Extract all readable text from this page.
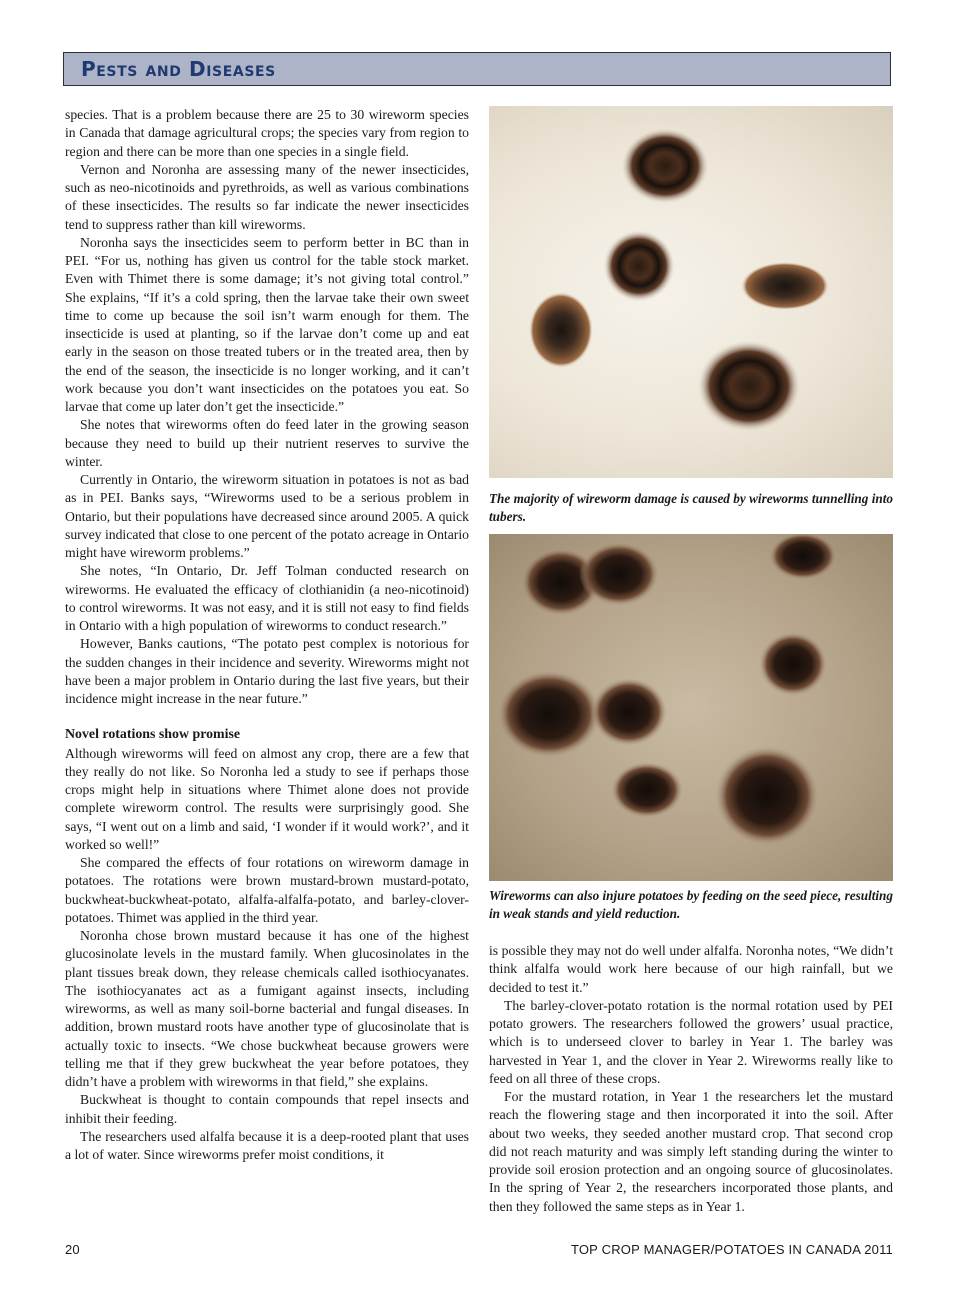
Pests and Diseases

species. That is a problem because there are 25 to 30 wireworm species in Canada that damage agricultural crops; the species vary from region to region and there can be more than one species in a single field.

Vernon and Noronha are assessing many of the newer insecticides, such as neo-nicotinoids and pyrethroids, as well as various combinations of these insecticides. The results so far indicate the newer insecticides tend to suppress rather than kill wireworms.

Noronha says the insecticides seem to perform better in BC than in PEI. “For us, nothing has given us control for the table stock market. Even with Thimet there is some damage; it’s not giving total control.” She explains, “If it’s a cold spring, then the larvae take their own sweet time to come up because the soil isn’t warm enough for them. The insecticide is used at planting, so if the larvae don’t come up and eat early in the season on those treated tubers or in the treated area, then by the end of the season, the insecticide is no longer working, and it can’t work because you don’t want insecticides on the potatoes you eat. So larvae that come up later don’t get the insecticide.”

She notes that wireworms often do feed later in the growing season because they need to build up their nutrient reserves to survive the winter.

Currently in Ontario, the wireworm situation in potatoes is not as bad as in PEI. Banks says, “Wireworms used to be a serious problem in Ontario, but their populations have decreased since around 2005. A quick survey indicated that close to one percent of the potato acreage in Ontario might have wireworm problems.”

She notes, “In Ontario, Dr. Jeff Tolman conducted research on wireworms. He evaluated the efficacy of clothianidin (a neo-nicotinoid) to control wireworms. It was not easy, and it is still not easy to find fields in Ontario with a high population of wireworms to conduct research.”

However, Banks cautions, “The potato pest complex is notorious for the sudden changes in their incidence and severity. Wireworms might not have been a major problem in Ontario during the last five years, but their incidence might increase in the near future.”

Novel rotations show promise

Although wireworms will feed on almost any crop, there are a few that they really do not like. So Noronha led a study to see if perhaps those crops might help in situations where Thimet alone does not provide complete wireworm control. The results were surprisingly good. She says, “I went out on a limb and said, ‘I wonder if it would work?’, and it worked so well!”

She compared the effects of four rotations on wireworm damage in potatoes. The rotations were brown mustard-brown mustard-potato, buckwheat-buckwheat-potato, alfalfa-alfalfa-potato, and barley-clover-potatoes. Thimet was applied in the third year.

Noronha chose brown mustard because it has one of the highest glucosinolate levels in the mustard family. When glucosinolates in the plant tissues break down, they release chemicals called isothiocyanates. The isothiocyanates act as a fumigant against insects, including wireworms, as well as many soil-borne bacterial and fungal diseases. In addition, brown mustard roots have another type of glucosinolate that is actually toxic to insects. “We chose buckwheat because growers were telling me that if they grew buckwheat the year before potatoes, they didn’t have a problem with wireworms in that field,” she explains.

Buckwheat is thought to contain compounds that repel insects and inhibit their feeding.

The researchers used alfalfa because it is a deep-rooted plant that uses a lot of water. Since wireworms prefer moist conditions, it

The majority of wireworm damage is caused by wireworms tunnelling into tubers.
Wireworms can also injure potatoes by feeding on the seed piece, resulting in weak stands and yield reduction.

is possible they may not do well under alfalfa. Noronha notes, “We didn’t think alfalfa would work here because of our high rainfall, but we decided to test it.”

The barley-clover-potato rotation is the normal rotation used by PEI potato growers. The researchers followed the growers’ usual practice, which is to underseed clover to barley in Year 1. The barley was harvested in Year 1, and the clover in Year 2. Wireworms really like to feed on all three of these crops.

For the mustard rotation, in Year 1 the researchers let the mustard reach the flowering stage and then incorporated it into the soil. After about two weeks, they seeded another mustard crop. That second crop did not reach maturity and was simply left standing during the winter to provide soil erosion protection and an ongoing source of glucosinolates. In the spring of Year 2, the researchers incorporated those plants, and then they followed the same steps as in Year 1.

20	TOP CROP MANAGER/POTATOES IN CANADA 2011
